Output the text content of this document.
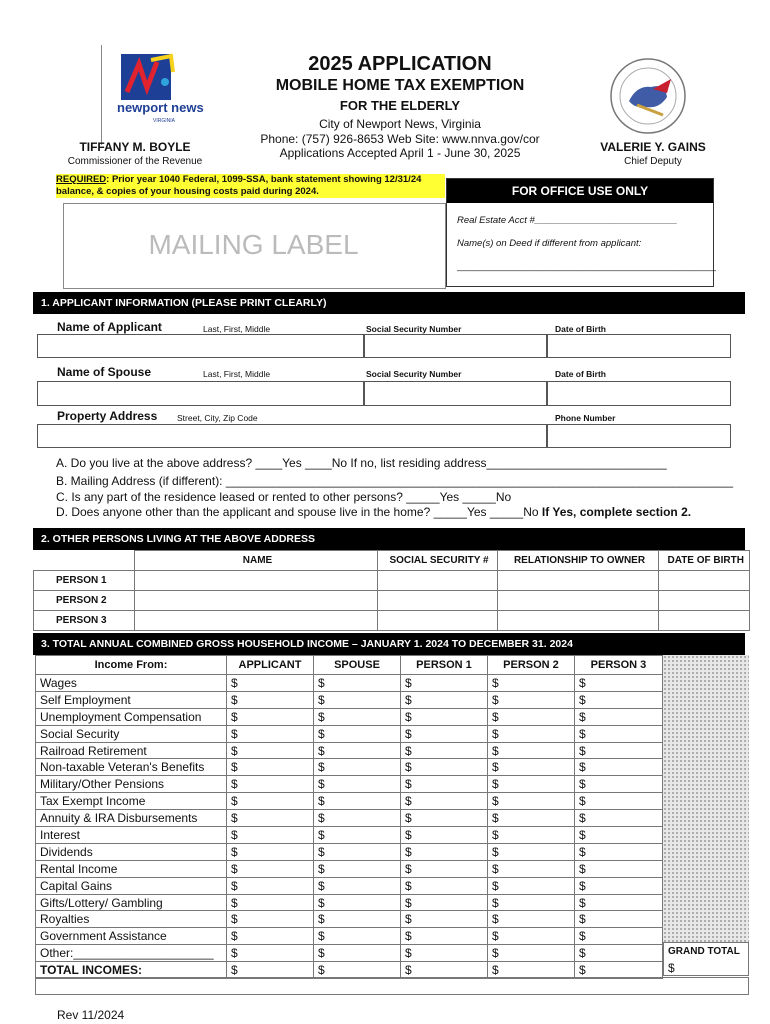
newport news
VIRGINIA
2025 APPLICATION
MOBILE HOME TAX EXEMPTION
FOR THE ELDERLY
City of Newport News, Virginia
Phone: (757) 926-8653 Web Site: www.nnva.gov/cor
Applications Accepted April 1 - June 30, 2025
TIFFANY M. BOYLE
Commissioner of the Revenue
VALERIE Y. GAINS
Chief Deputy
REQUIRED: Prior year 1040 Federal, 1099-SSA, bank statement showing 12/31/24 balance, & copies of your housing costs paid during 2024.
MAILING LABEL
FOR OFFICE USE ONLY
Real Estate Acct #___________________________
Name(s) on Deed if different from applicant:
_________________________________________________
1. APPLICANT INFORMATION (PLEASE PRINT CLEARLY)
Name of Applicant	Last, First, Middle	Social Security Number	Date of Birth
Name of Spouse	Last, First, Middle	Social Security Number	Date of Birth
Property Address Street, City, Zip Code	Phone Number
A. Do you live at the above address? ____Yes ____No If no, list residing address___________________________
B. Mailing Address (if different): ____________________________________________________________________________
C. Is any part of the residence leased or rented to other persons? _____Yes _____No
D. Does anyone other than the applicant and spouse live in the home? _____Yes _____No If Yes, complete section 2.
2. OTHER PERSONS LIVING AT THE ABOVE ADDRESS
	NAME	SOCIAL SECURITY #	RELATIONSHIP TO OWNER	DATE OF BIRTH
PERSON 1				
PERSON 2				
PERSON 3				
3. TOTAL ANNUAL COMBINED GROSS HOUSEHOLD INCOME – JANUARY 1. 2024 TO DECEMBER 31. 2024
Income From:	APPLICANT	SPOUSE	PERSON 1	PERSON 2	PERSON 3
Wages	$	$	$	$	$
Self Employment	$	$	$	$	$
Unemployment Compensation	$	$	$	$	$
Social Security	$	$	$	$	$
Railroad Retirement	$	$	$	$	$
Non-taxable Veteran's Benefits	$	$	$	$	$
Military/Other Pensions	$	$	$	$	$
Tax Exempt Income	$	$	$	$	$
Annuity & IRA Disbursements	$	$	$	$	$
Interest	$	$	$	$	$
Dividends	$	$	$	$	$
Rental Income	$	$	$	$	$
Capital Gains	$	$	$	$	$
Gifts/Lottery/ Gambling	$	$	$	$	$
Royalties	$	$	$	$	$
Government Assistance	$	$	$	$	$
Other:_____________________	$	$	$	$	$
TOTAL INCOMES:	$	$	$	$	$
GRAND TOTAL
$
Rev 11/2024
